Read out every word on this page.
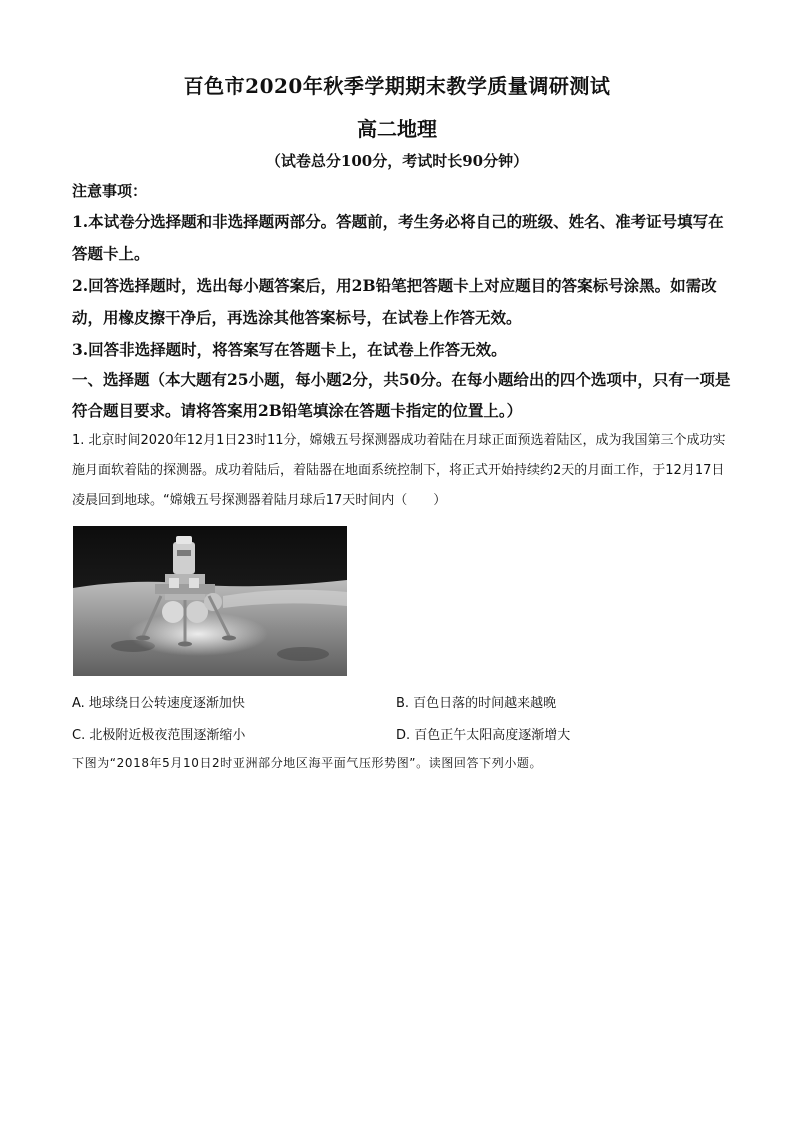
百色市2020年秋季学期期末教学质量调研测试
高二地理
（试卷总分100分，考试时长90分钟）
注意事项：
1.本试卷分选择题和非选择题两部分。答题前，考生务必将自己的班级、姓名、准考证号填写在答题卡上。
2.回答选择题时，选出每小题答案后，用2B铅笔把答题卡上对应题目的答案标号涂黑。如需改动，用橡皮擦干净后，再选涂其他答案标号，在试卷上作答无效。
3.回答非选择题时，将答案写在答题卡上，在试卷上作答无效。
一、选择题（本大题有25小题，每小题2分，共50分。在每小题给出的四个选项中，只有一项是符合题目要求。请将答案用2B铅笔填涂在答题卡指定的位置上。）
1. 北京时间2020年12月1日23时11分，嫦娥五号探测器成功着陆在月球正面预选着陆区，成为我国第三个成功实施月面软着陆的探测器。成功着陆后，着陆器在地面系统控制下，将正式开始持续约2天的月面工作，于12月17日凌晨回到地球。“嫦娥五号探测器着陆月球后17天时间内（　　）
A. 地球绕日公转速度逐渐加快	B. 百色日落的时间越来越晚
C. 北极附近极夜范围逐渐缩小	D. 百色正午太阳高度逐渐增大
下图为“2018年5月10日2时亚洲部分地区海平面气压形势图”。读图回答下列小题。
